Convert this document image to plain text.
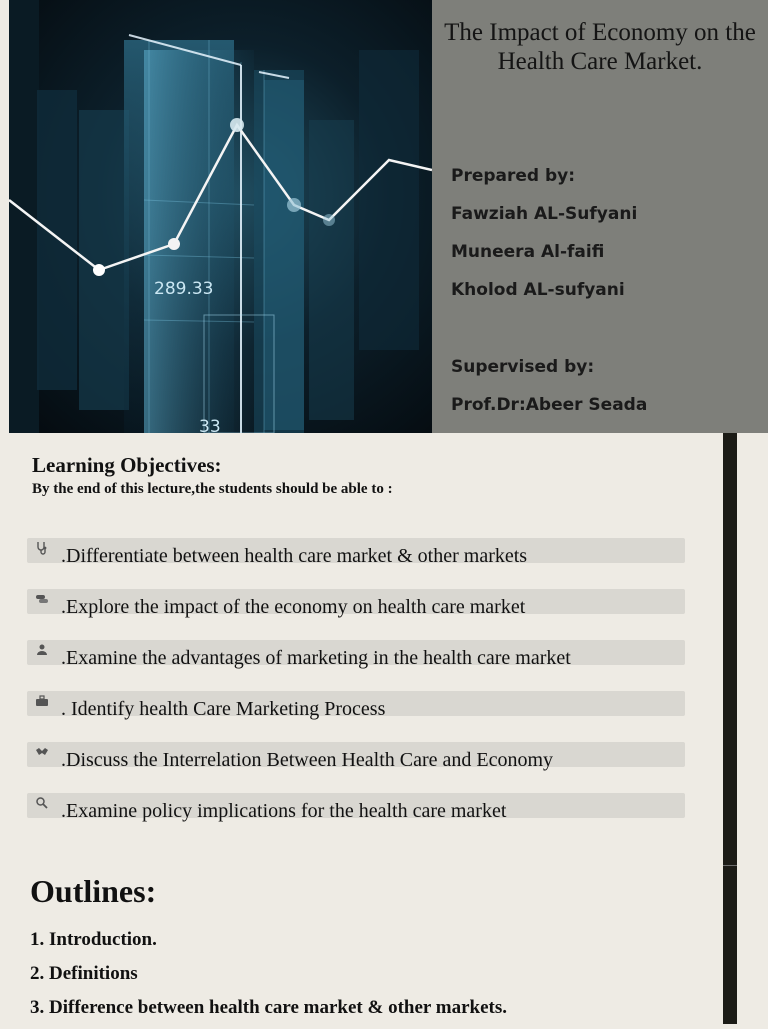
289.33
33
The Impact of Economy on the Health Care Market.
Prepared by:
Fawziah AL-Sufyani
Muneera Al-faifi
Kholod AL-sufyani
Supervised by:
Prof.Dr:Abeer Seada
Learning Objectives:
By the end of this lecture,the students should be able to :
.Differentiate between health care market & other markets
.Explore the impact of the economy on health care market
.Examine the advantages of marketing in the health care market
. Identify health Care Marketing Process
.Discuss the Interrelation Between Health Care and Economy
.Examine policy implications for the health care market
Outlines:
1. Introduction.
2. Definitions
3. Difference between health care market & other markets.
